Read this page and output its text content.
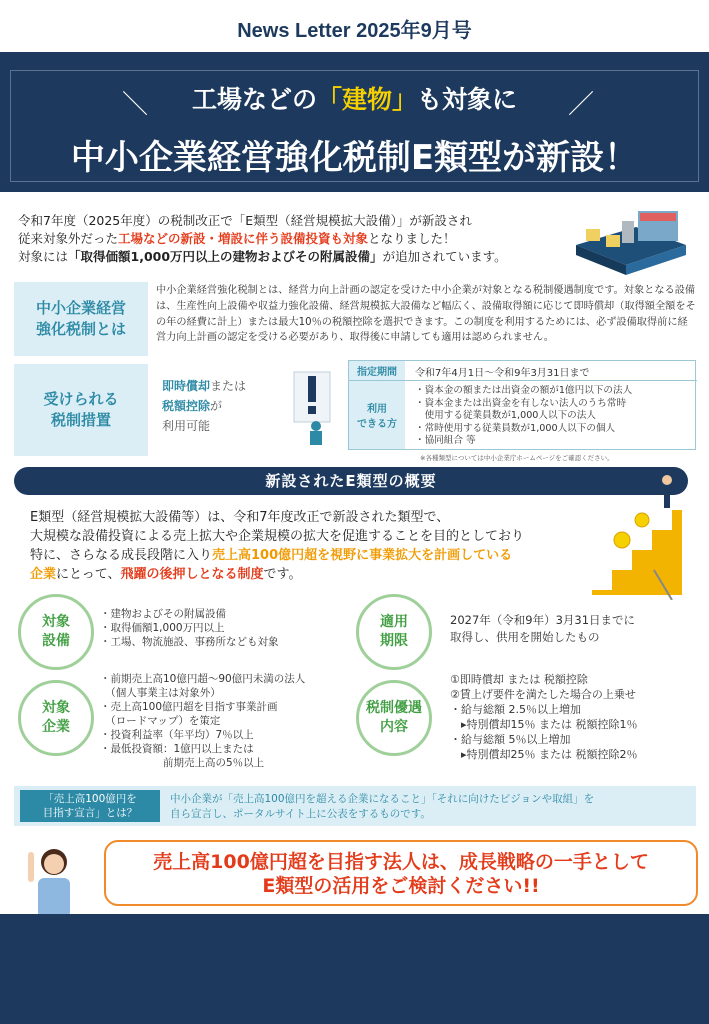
News Letter 2025年9月号
＼	／
工場などの「建物」も対象に
中小企業経営強化税制E類型が新設！
令和7年度（2025年度）の税制改正で「E類型（経営規模拡大設備）」が新設され
従来対象外だった工場などの新設・増設に伴う設備投資も対象となりました！
対象には「取得価額1,000万円以上の建物およびその附属設備」が追加されています。
中小企業経営
強化税制とは
中小企業経営強化税制とは、経営力向上計画の認定を受けた中小企業が対象となる税制優遇制度です。対象となる設備は、生産性向上設備や収益力強化設備、経営規模拡大設備など幅広く、設備取得額に応じて即時償却（取得額全額をその年の経費に計上）または最大10％の税額控除を選択できます。この制度を利用するためには、必ず設備取得前に経営力向上計画の認定を受ける必要があり、取得後に申請しても適用は認められません。
受けられる
税制措置
即時償却または
税額控除が
利用可能
指定期間	令和7年4月1日～令和9年3月31日まで
利用
できる方
・資本金の額または出資金の額が1億円以下の法人
・資本金または出資金を有しない法人のうち常時
　使用する従業員数が1,000人以下の法人
・常時使用する従業員数が1,000人以下の個人
・協同組合 等
※各種類型については中小企業庁ホームページをご確認ください。
新設されたE類型の概要
E類型（経営規模拡大設備等）は、令和7年度改正で新設された類型で、
大規模な設備投資による売上拡大や企業規模の拡大を促進することを目的としており
特に、さらなる成長段階に入り売上高100億円超を視野に事業拡大を計画している
企業にとって、飛躍の後押しとなる制度です。
対象
設備
・建物およびその附属設備
・取得価額1,000万円以上
・工場、物流施設、事務所なども対象
対象
企業
・前期売上高10億円超～90億円未満の法人
　（個人事業主は対象外）
・売上高100億円超を目指す事業計画
　（ロードマップ）を策定
・投資利益率（年平均）7％以上
・最低投資額：1億円以上または
　　　　　　前期売上高の5％以上
適用
期限
2027年（令和9年）3月31日までに
取得し、供用を開始したもの
税制優遇
内容
①即時償却 または 税額控除
②賃上げ要件を満たした場合の上乗せ
・給与総額 2.5％以上増加
　▸特別償却15％ または 税額控除1％
・給与総額 5％以上増加
　▸特別償却25％ または 税額控除2％
「売上高100億円を
目指す宣言」とは？
中小企業が「売上高100億円を超える企業になること」「それに向けたビジョンや取組」を
自ら宣言し、ポータルサイト上に公表をするものです。
売上高100億円超を目指す法人は、成長戦略の一手として
E類型の活用をご検討ください!!
